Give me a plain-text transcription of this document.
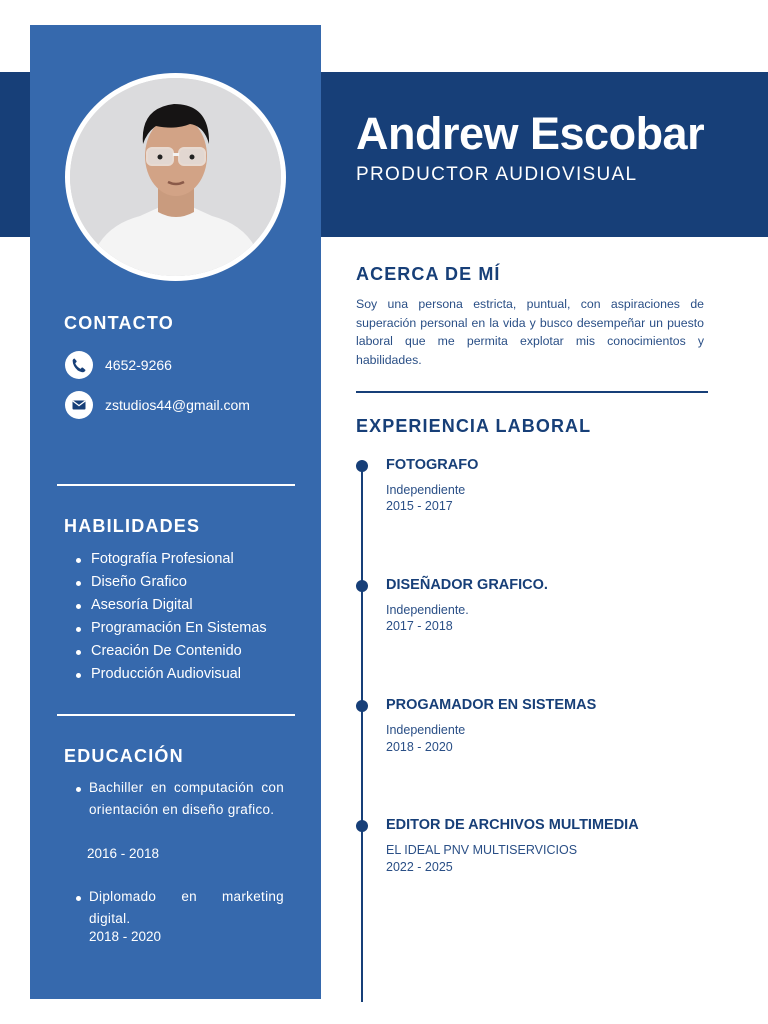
Andrew Escobar
PRODUCTOR AUDIOVISUAL
CONTACTO
4652-9266
zstudios44@gmail.com
HABILIDADES
Fotografía Profesional
Diseño Grafico
Asesoría Digital
Programación En Sistemas
Creación De Contenido
Producción Audiovisual
EDUCACIÓN
Bachiller en computación con orientación en diseño grafico.
2016 - 2018
Diplomado en marketing digital.
2018 - 2020
ACERCA DE MÍ
Soy una persona estricta, puntual, con aspiraciones de superación personal en la vida y busco desempeñar un puesto laboral que me permita explotar mis conocimientos y habilidades.
EXPERIENCIA LABORAL
FOTOGRAFO
Independiente
2015 - 2017
DISEÑADOR GRAFICO.
Independiente.
2017 - 2018
PROGAMADOR EN SISTEMAS
Independiente
2018 - 2020
EDITOR DE ARCHIVOS MULTIMEDIA
EL IDEAL PNV MULTISERVICIOS
2022 - 2025
